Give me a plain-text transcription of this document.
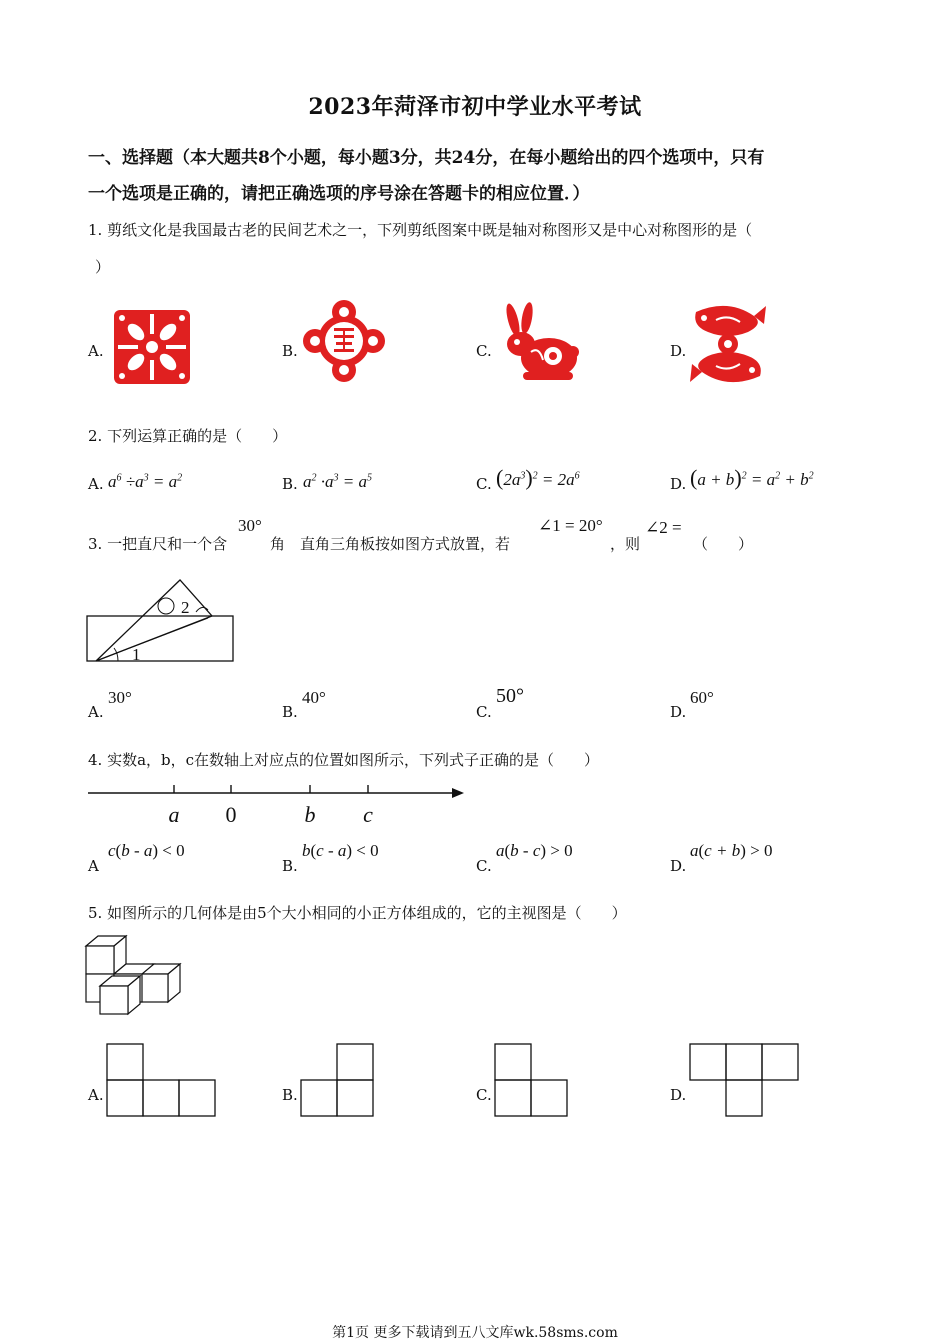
2023年菏泽市初中学业水平考试
一、选择题（本大题共8个小题，每小题3分，共24分，在每小题给出的四个选项中，只有
一个选项是正确的，请把正确选项的序号涂在答题卡的相应位置．）
1. 剪纸文化是我国最古老的民间艺术之一，下列剪纸图案中既是轴对称图形又是中心对称图形的是（
）
A.	B.	C.	D.
2. 下列运算正确的是（　　）
A. $a^6 \div a^3 = a^2$	B. $a^2 \cdot a^3 = a^5$	C. $(2a^3)^2 = 2a^6$	D. $(a + b)^2 = a^2 + b^2$
3. 一把直尺和一个含
30°
角　直角三角板按如图方式放置，若
∠1 = 20°
，则
∠2 =
（　　）
2
1
A.
30°
B.
40°
C.
50°
D.
60°
4. 实数a，b，c在数轴上对应点的位置如图所示，下列式子正确的是（　　）
a 0	b c
A
c(b - a) < 0
B.
b(c - a) < 0
C.
a(b - c) > 0
D.
a(c + b) > 0
5. 如图所示的几何体是由5个大小相同的小正方体组成的，它的主视图是（　　）
A.	B.	C.	D.
第1页 更多下载请到五八文库wk.58sms.com
